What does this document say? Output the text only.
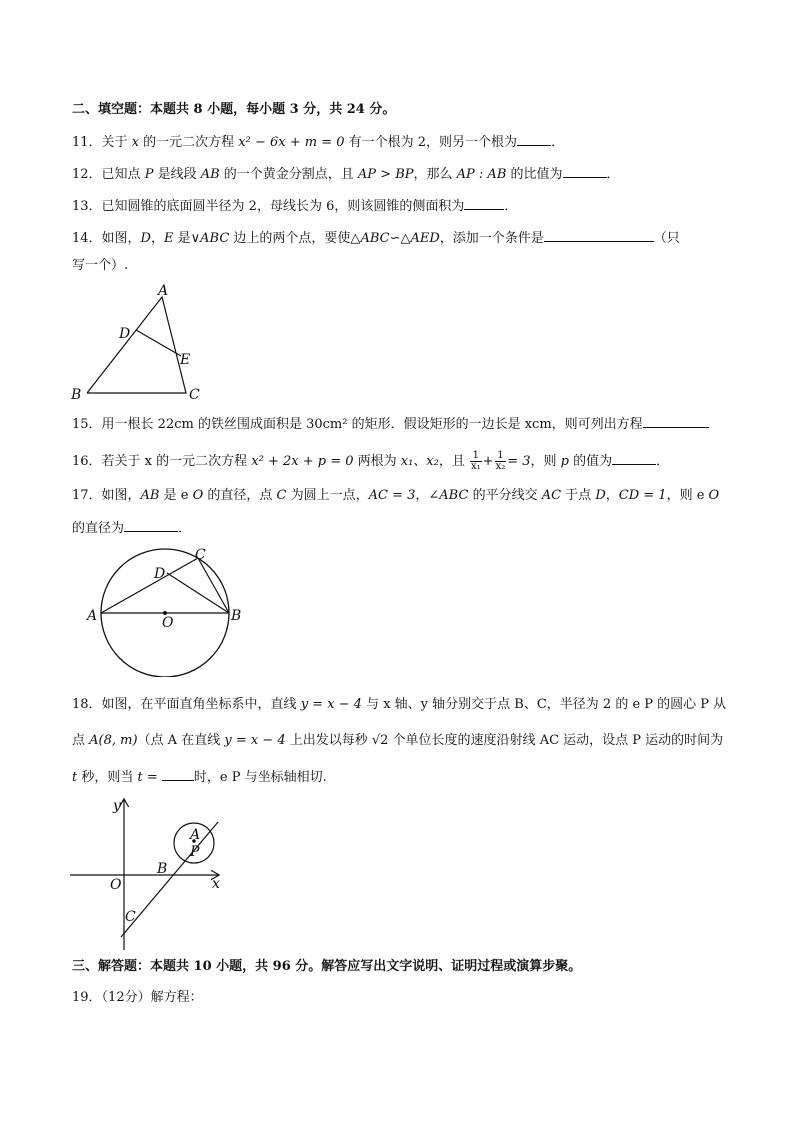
二、填空题：本题共 8 小题，每小题 3 分，共 24 分。
11．关于 x 的一元二次方程 x² − 6x + m = 0 有一个根为 2，则另一个根为	．
12．已知点 P 是线段 AB 的一个黄金分割点，且 AP > BP，那么 AP : AB 的比值为	．
13．已知圆锥的底面圆半径为 2，母线长为 6，则该圆锥的侧面积为	．
14．如图，D，E 是∨ABC 边上的两个点，要使△ABC∽△AED，添加一个条件是	（只
写一个）.
A
D
E
B	C
15．用一根长 22cm 的铁丝围成面积是 30cm² 的矩形．假设矩形的一边长是 xcm，则可列出方程
16．若关于 x 的一元二次方程 x² + 2x + p = 0 两根为 x₁、x₂，且 $\frac{1}{\text{x₁}} + \frac{1}{\text{x₂}} = 3$，则 p 的值为	．
17．如图，AB 是 e O 的直径，点 C 为圆上一点，AC = 3，∠ABC 的平分线交 AC 于点 D，CD = 1，则 e O
的直径为	．
A	B
C
D
O
18．如图，在平面直角坐标系中，直线 y = x − 4 与 x 轴、y 轴分别交于点 B、C，半径为 2 的 e P 的圆心 P 从
点 A(8, m)（点 A 在直线 y = x − 4 上出发以每秒 √2 个单位长度的速度沿射线 AC 运动，设点 P 运动的时间为
t 秒，则当 t = 时，e P 与坐标轴相切.
y
x
O
B
C
A
P
三、解答题：本题共 10 小题，共 96 分。解答应写出文字说明、证明过程或演算步聚。
19．（12分）解方程：
